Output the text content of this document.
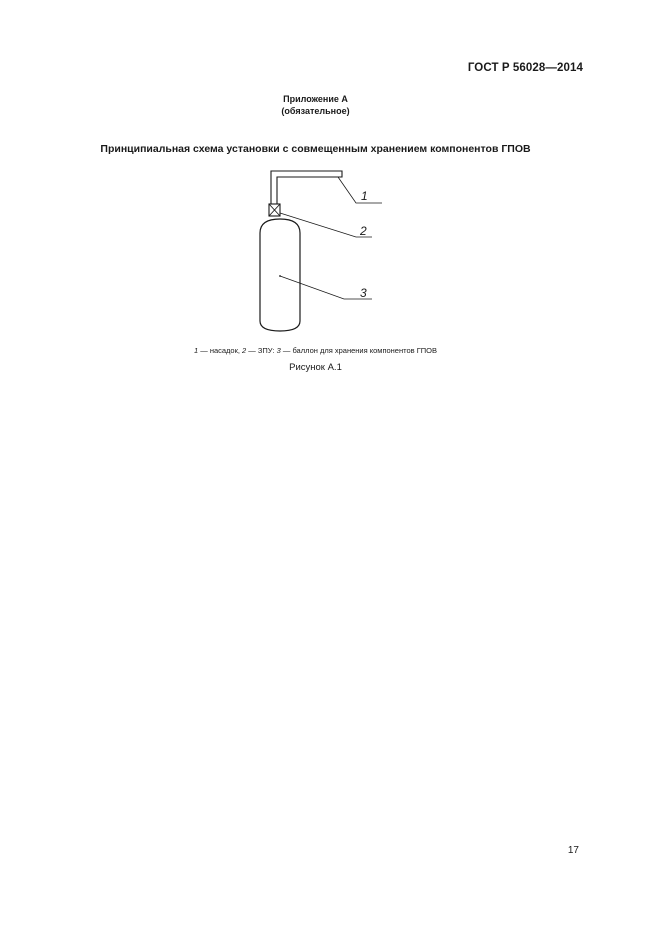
ГОСТ Р 56028—2014
Приложение А
(обязательное)
Принципиальная схема установки с совмещенным хранением компонентов ГПОВ
1
2
3
1 — насадок, 2 — ЗПУ: 3 — баллон для хранения компонентов ГПОВ
Рисунок А.1
17
